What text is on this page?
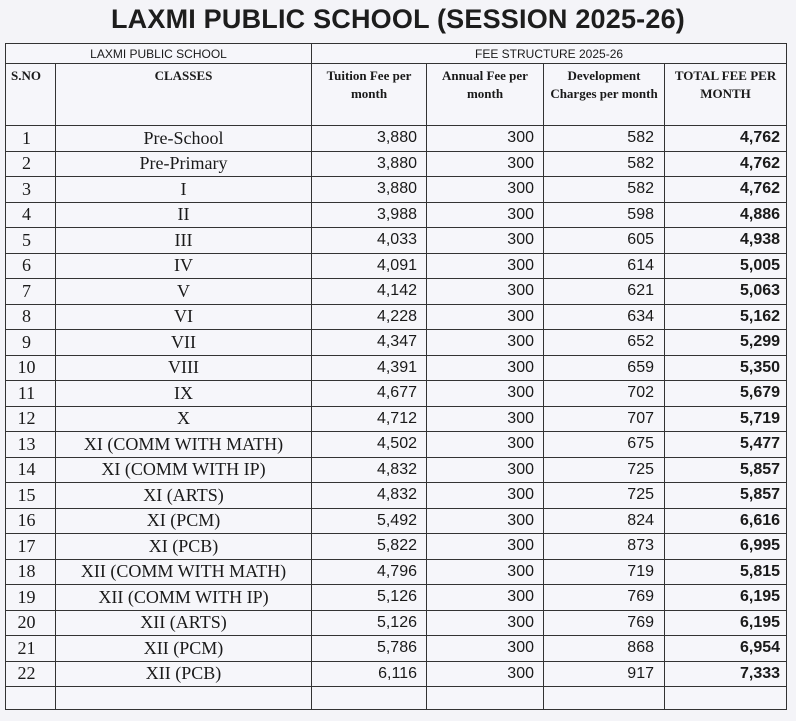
LAXMI PUBLIC SCHOOL (SESSION 2025-26)
LAXMI PUBLIC SCHOOL		FEE STRUCTURE 2025-26			
S.NO	CLASSES	Tuition Fee per month	Annual Fee per month	Development Charges per month	TOTAL FEE PER MONTH
1	Pre-School	3,880	300	582	4,762
2	Pre-Primary	3,880	300	582	4,762
3	I	3,880	300	582	4,762
4	II	3,988	300	598	4,886
5	III	4,033	300	605	4,938
6	IV	4,091	300	614	5,005
7	V	4,142	300	621	5,063
8	VI	4,228	300	634	5,162
9	VII	4,347	300	652	5,299
10	VIII	4,391	300	659	5,350
11	IX	4,677	300	702	5,679
12	X	4,712	300	707	5,719
13	XI (COMM WITH MATH)	4,502	300	675	5,477
14	XI (COMM WITH IP)	4,832	300	725	5,857
15	XI (ARTS)	4,832	300	725	5,857
16	XI (PCM)	5,492	300	824	6,616
17	XI (PCB)	5,822	300	873	6,995
18	XII (COMM WITH MATH)	4,796	300	719	5,815
19	XII (COMM WITH IP)	5,126	300	769	6,195
20	XII (ARTS)	5,126	300	769	6,195
21	XII (PCM)	5,786	300	868	6,954
22	XII (PCB)	6,116	300	917	7,333
